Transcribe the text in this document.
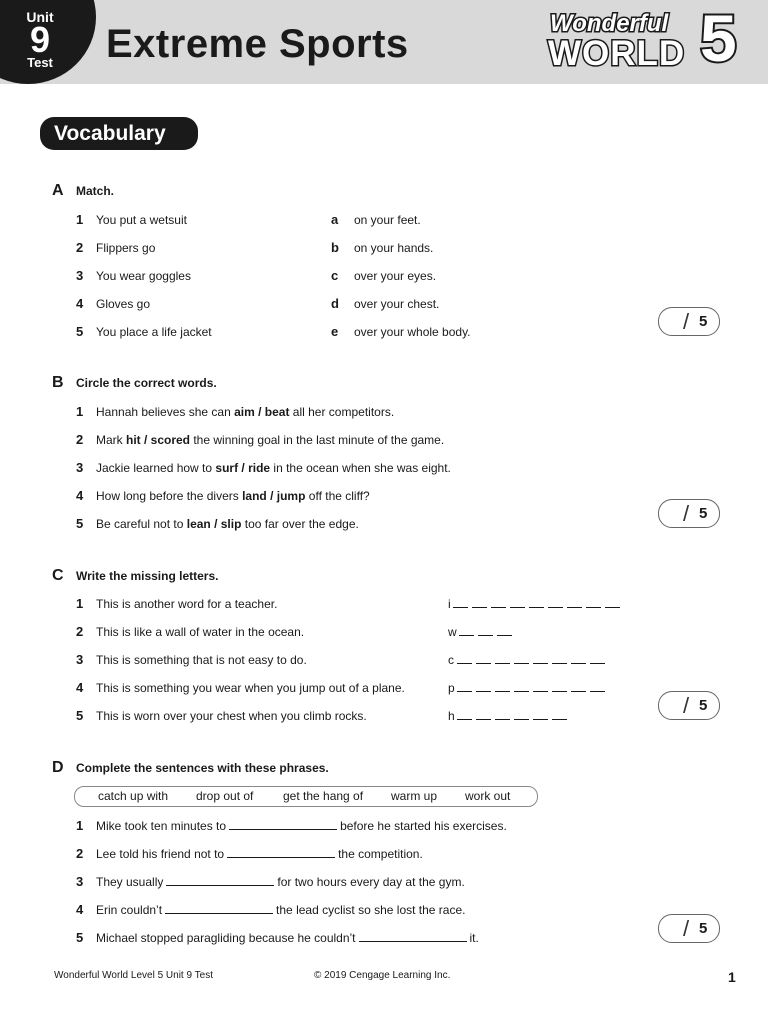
Unit
9
Test Extreme Sports	Wonderful
WORLD 5
Vocabulary
A Match.
1 You put a wetsuit	a on your feet.
2 Flippers go	b on your hands.
3 You wear goggles	c over your eyes.
4 Gloves go	d over your chest.
5 You place a life jacket	e over your whole body.	/ 5
B Circle the correct words.
1 Hannah believes she can aim / beat all her competitors.
2 Mark hit / scored the winning goal in the last minute of the game.
3 Jackie learned how to surf / ride in the ocean when she was eight.
4 How long before the divers land / jump off the cliff?
5 Be careful not to lean / slip too far over the edge.	/ 5
C Write the missing letters.
1 This is another word for a teacher.	i
2 This is like a wall of water in the ocean.	w
3 This is something that is not easy to do.	c
4 This is something you wear when you jump out of a plane.	p
5 This is worn over your chest when you climb rocks.	h	/ 5
D Complete the sentences with these phrases.
catch up with drop out of get the hang of warm up work out
1 Mike took ten minutes to	before he started his exercises.
2 Lee told his friend not to	the competition.
3 They usually	for two hours every day at the gym.
4 Erin couldn’t	the lead cyclist so she lost the race.
5 Michael stopped paragliding because he couldn’t	it.	/ 5
Wonderful World Level 5 Unit 9 Test	© 2019 Cengage Learning Inc.	1
